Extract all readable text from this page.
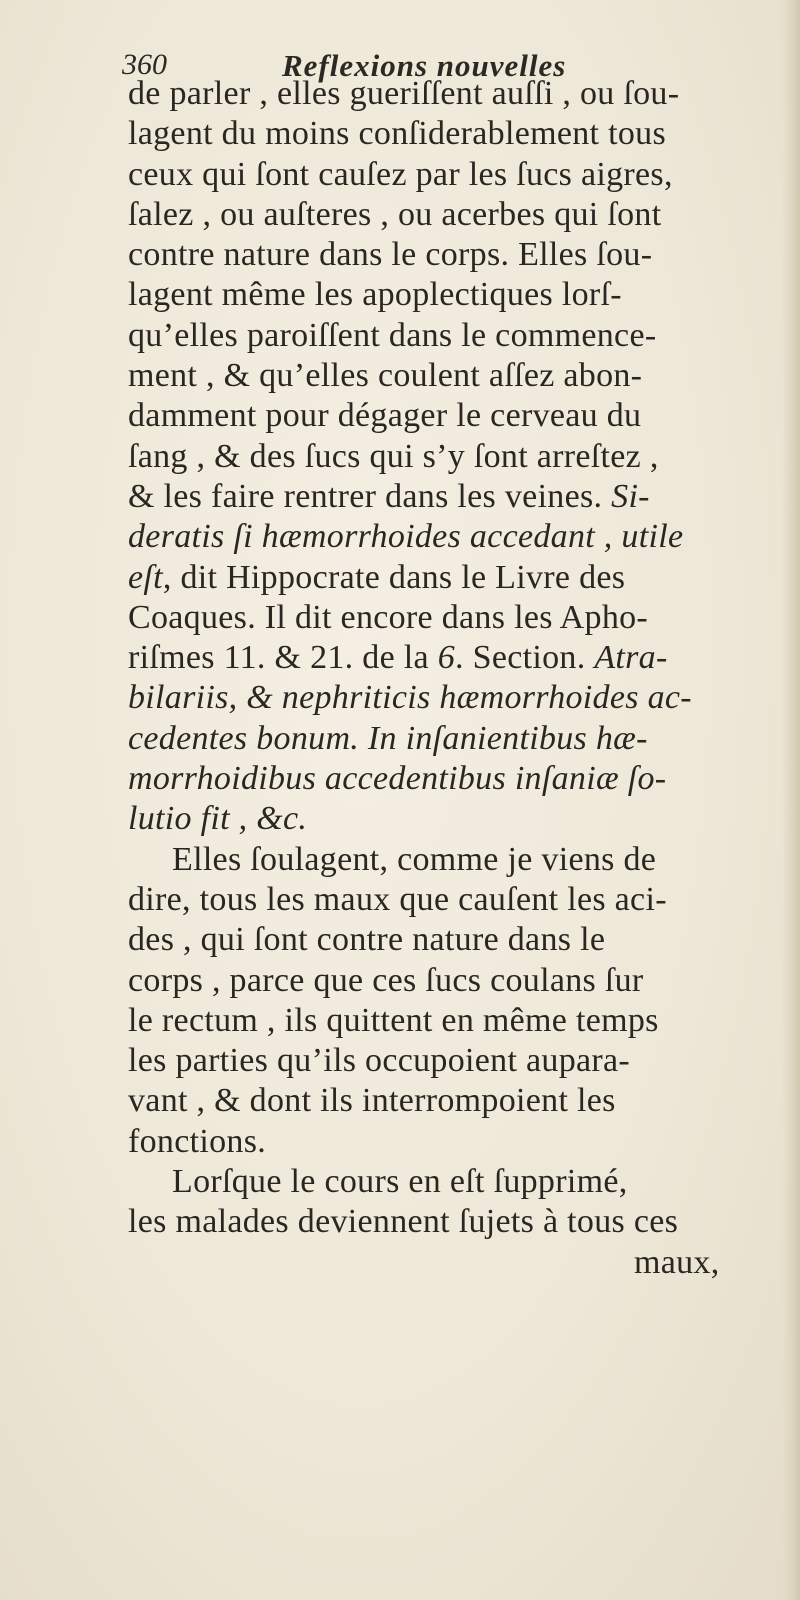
360	Reflexions nouvelles
de parler , elles gueriſſent auſſi , ou ſou-
lagent du moins conſiderablement tous
ceux qui ſont cauſez par les ſucs aigres,
ſalez , ou auſteres , ou acerbes qui ſont
contre nature dans le corps. Elles ſou-
lagent même les apoplectiques lorſ-
qu’elles paroiſſent dans le commence-
ment , & qu’elles coulent aſſez abon-
damment pour dégager le cerveau du
ſang , & des ſucs qui s’y ſont arreſtez ,
& les faire rentrer dans les veines. Si-
deratis ſi hæmorrhoides accedant , utile
eſt, dit Hippocrate dans le Livre des
Coaques. Il dit encore dans les Apho-
riſmes 11. & 21. de la 6. Section. Atra-
bilariis, & nephriticis hæmorrhoides ac-
cedentes bonum. In inſanientibus hæ-
morrhoidibus accedentibus inſaniæ ſo-
lutio fit , &c.
Elles ſoulagent, comme je viens de
dire, tous les maux que cauſent les aci-
des , qui ſont contre nature dans le
corps , parce que ces ſucs coulans ſur
le rectum , ils quittent en même temps
les parties qu’ils occupoient aupara-
vant , & dont ils interrompoient les
fonctions.
Lorſque le cours en eſt ſupprimé,
les malades deviennent ſujets à tous ces
maux,
